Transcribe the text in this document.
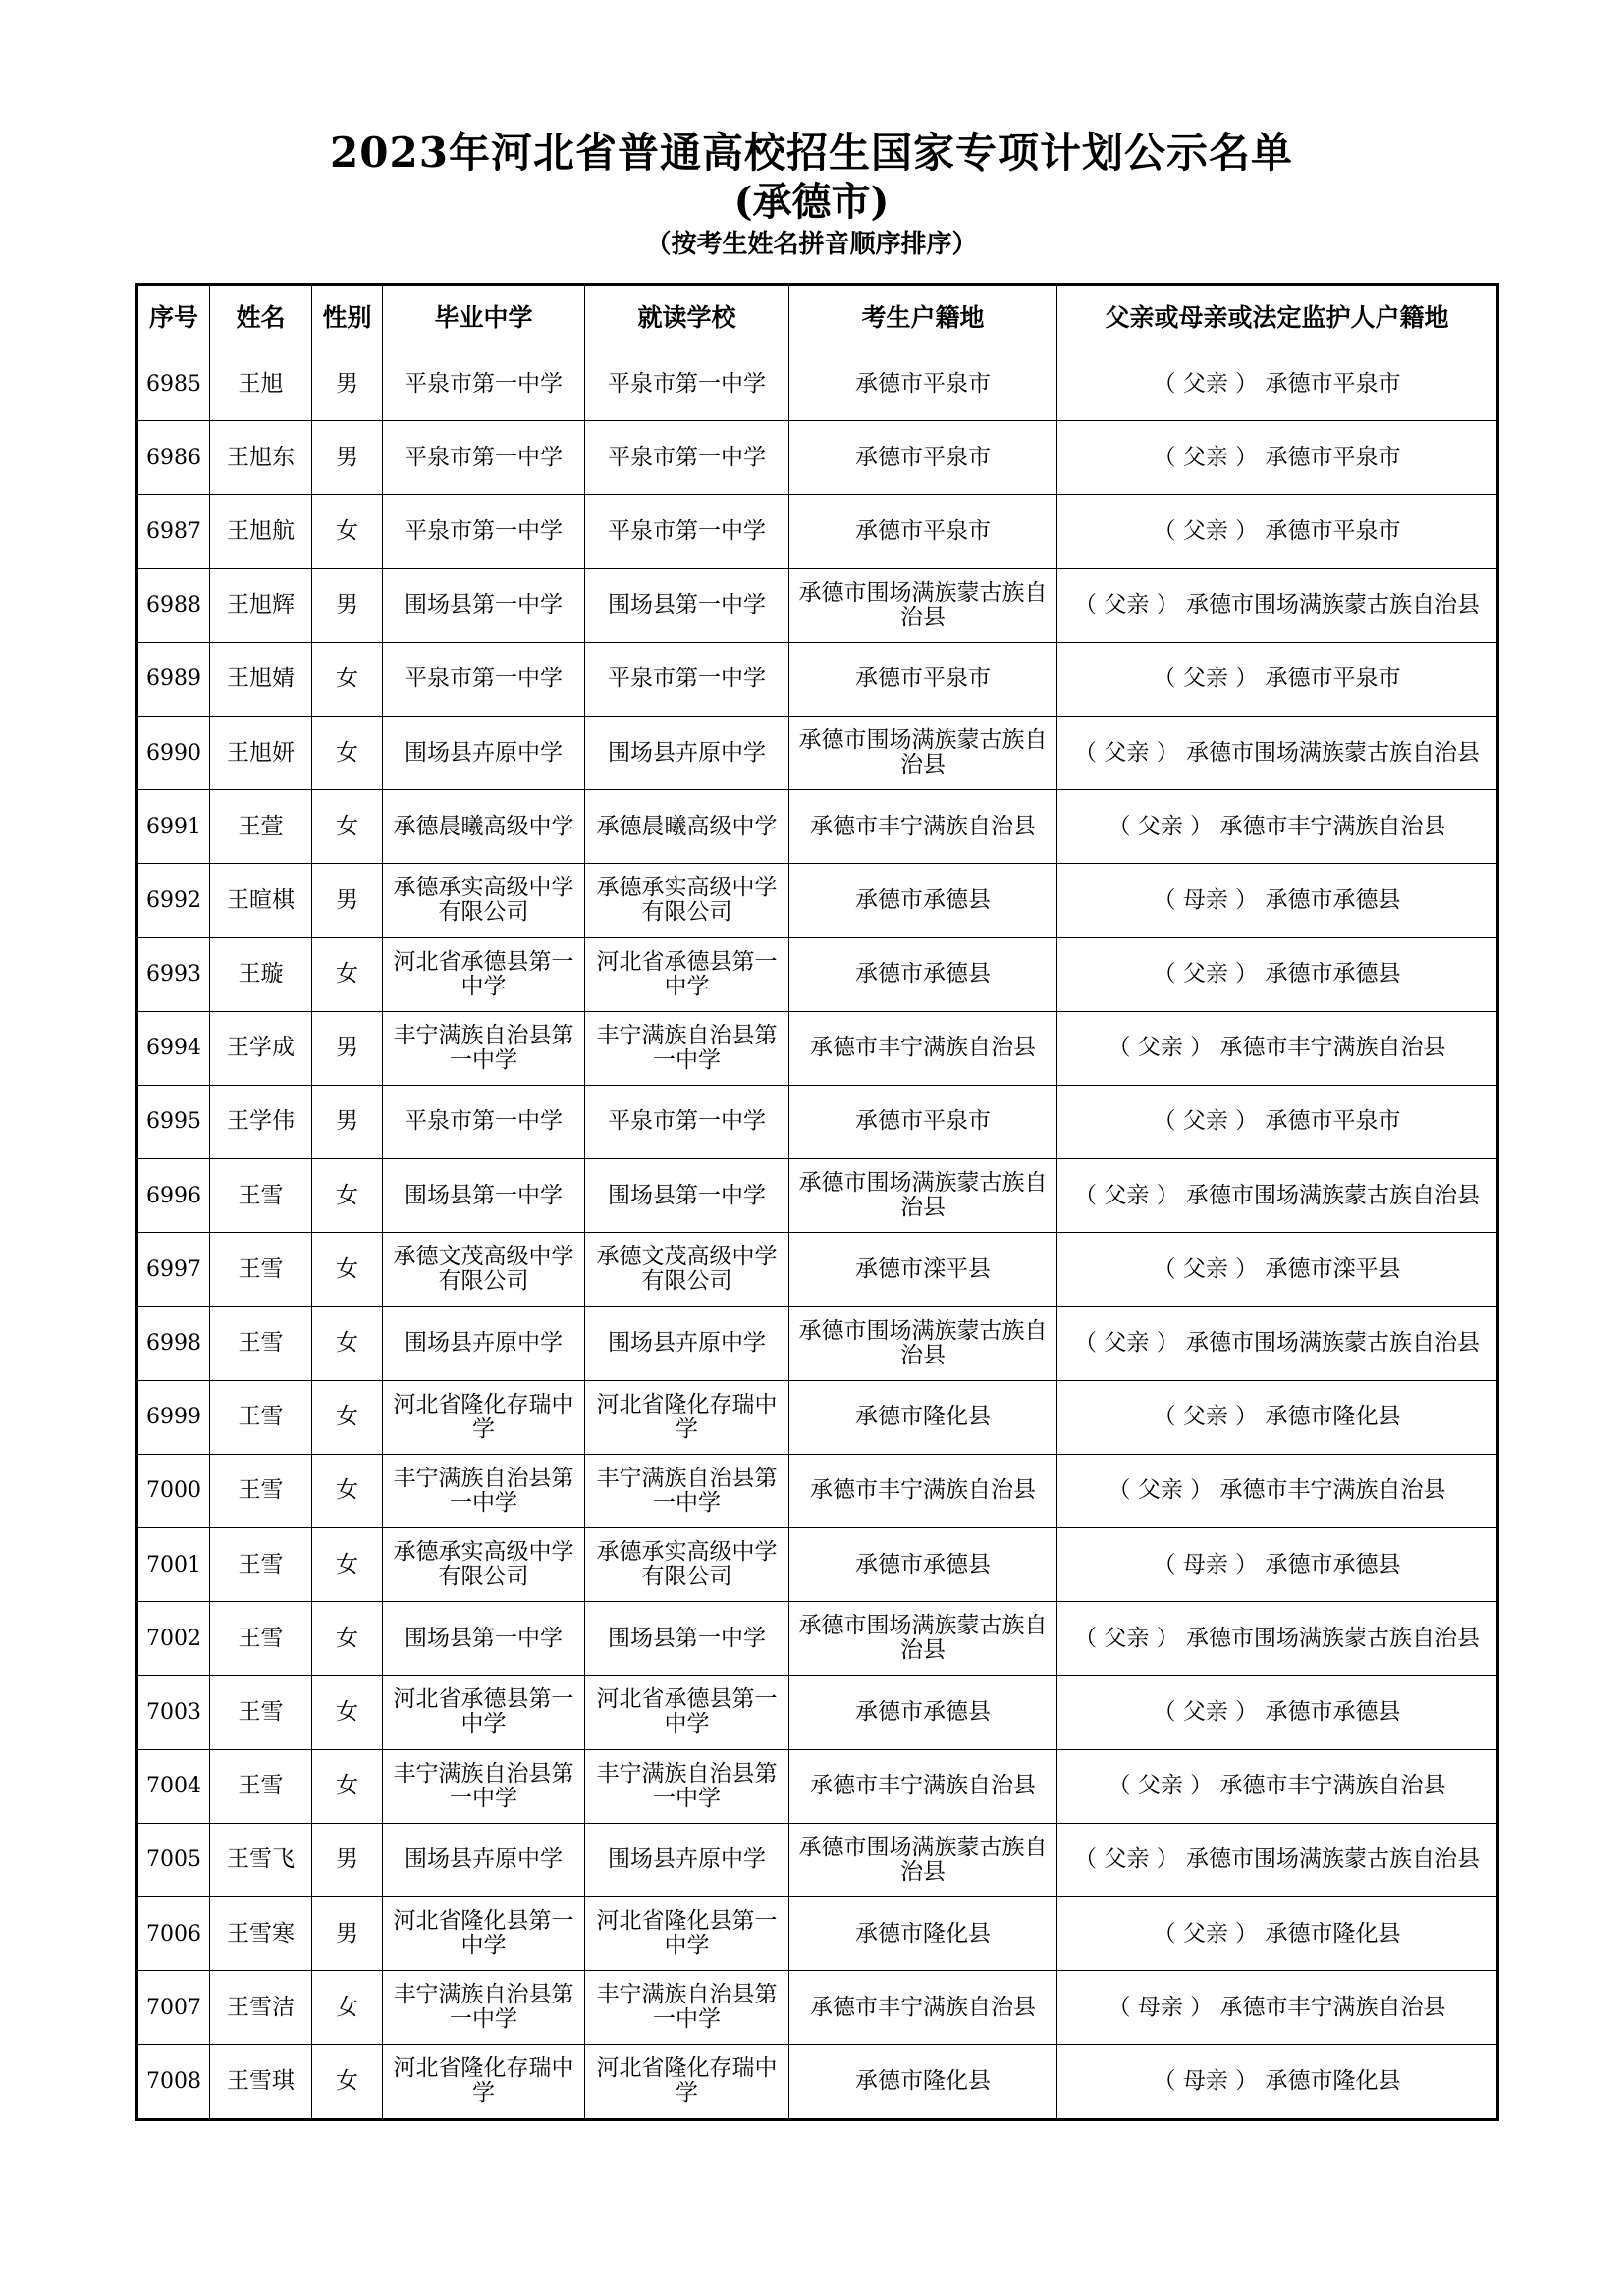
2023年河北省普通高校招生国家专项计划公示名单
(承德市)
（按考生姓名拼音顺序排序）
序号	姓名	性别	毕业中学	就读学校	考生户籍地	父亲或母亲或法定监护人户籍地
6985	王旭	男	平泉市第一中学	平泉市第一中学	承德市平泉市	（ 父亲 ） 承德市平泉市
6986	王旭东	男	平泉市第一中学	平泉市第一中学	承德市平泉市	（ 父亲 ） 承德市平泉市
6987	王旭航	女	平泉市第一中学	平泉市第一中学	承德市平泉市	（ 父亲 ） 承德市平泉市
6988	王旭辉	男	围场县第一中学	围场县第一中学	承德市围场满族蒙古族自治县	（ 父亲 ） 承德市围场满族蒙古族自治县
6989	王旭婧	女	平泉市第一中学	平泉市第一中学	承德市平泉市	（ 父亲 ） 承德市平泉市
6990	王旭妍	女	围场县卉原中学	围场县卉原中学	承德市围场满族蒙古族自治县	（ 父亲 ） 承德市围场满族蒙古族自治县
6991	王萱	女	承德晨曦高级中学	承德晨曦高级中学	承德市丰宁满族自治县	（ 父亲 ） 承德市丰宁满族自治县
6992	王暄棋	男	承德承实高级中学有限公司	承德承实高级中学有限公司	承德市承德县	（ 母亲 ） 承德市承德县
6993	王璇	女	河北省承德县第一中学	河北省承德县第一中学	承德市承德县	（ 父亲 ） 承德市承德县
6994	王学成	男	丰宁满族自治县第一中学	丰宁满族自治县第一中学	承德市丰宁满族自治县	（ 父亲 ） 承德市丰宁满族自治县
6995	王学伟	男	平泉市第一中学	平泉市第一中学	承德市平泉市	（ 父亲 ） 承德市平泉市
6996	王雪	女	围场县第一中学	围场县第一中学	承德市围场满族蒙古族自治县	（ 父亲 ） 承德市围场满族蒙古族自治县
6997	王雪	女	承德文茂高级中学有限公司	承德文茂高级中学有限公司	承德市滦平县	（ 父亲 ） 承德市滦平县
6998	王雪	女	围场县卉原中学	围场县卉原中学	承德市围场满族蒙古族自治县	（ 父亲 ） 承德市围场满族蒙古族自治县
6999	王雪	女	河北省隆化存瑞中学	河北省隆化存瑞中学	承德市隆化县	（ 父亲 ） 承德市隆化县
7000	王雪	女	丰宁满族自治县第一中学	丰宁满族自治县第一中学	承德市丰宁满族自治县	（ 父亲 ） 承德市丰宁满族自治县
7001	王雪	女	承德承实高级中学有限公司	承德承实高级中学有限公司	承德市承德县	（ 母亲 ） 承德市承德县
7002	王雪	女	围场县第一中学	围场县第一中学	承德市围场满族蒙古族自治县	（ 父亲 ） 承德市围场满族蒙古族自治县
7003	王雪	女	河北省承德县第一中学	河北省承德县第一中学	承德市承德县	（ 父亲 ） 承德市承德县
7004	王雪	女	丰宁满族自治县第一中学	丰宁满族自治县第一中学	承德市丰宁满族自治县	（ 父亲 ） 承德市丰宁满族自治县
7005	王雪飞	男	围场县卉原中学	围场县卉原中学	承德市围场满族蒙古族自治县	（ 父亲 ） 承德市围场满族蒙古族自治县
7006	王雪寒	男	河北省隆化县第一中学	河北省隆化县第一中学	承德市隆化县	（ 父亲 ） 承德市隆化县
7007	王雪洁	女	丰宁满族自治县第一中学	丰宁满族自治县第一中学	承德市丰宁满族自治县	（ 母亲 ） 承德市丰宁满族自治县
7008	王雪琪	女	河北省隆化存瑞中学	河北省隆化存瑞中学	承德市隆化县	（ 母亲 ） 承德市隆化县
